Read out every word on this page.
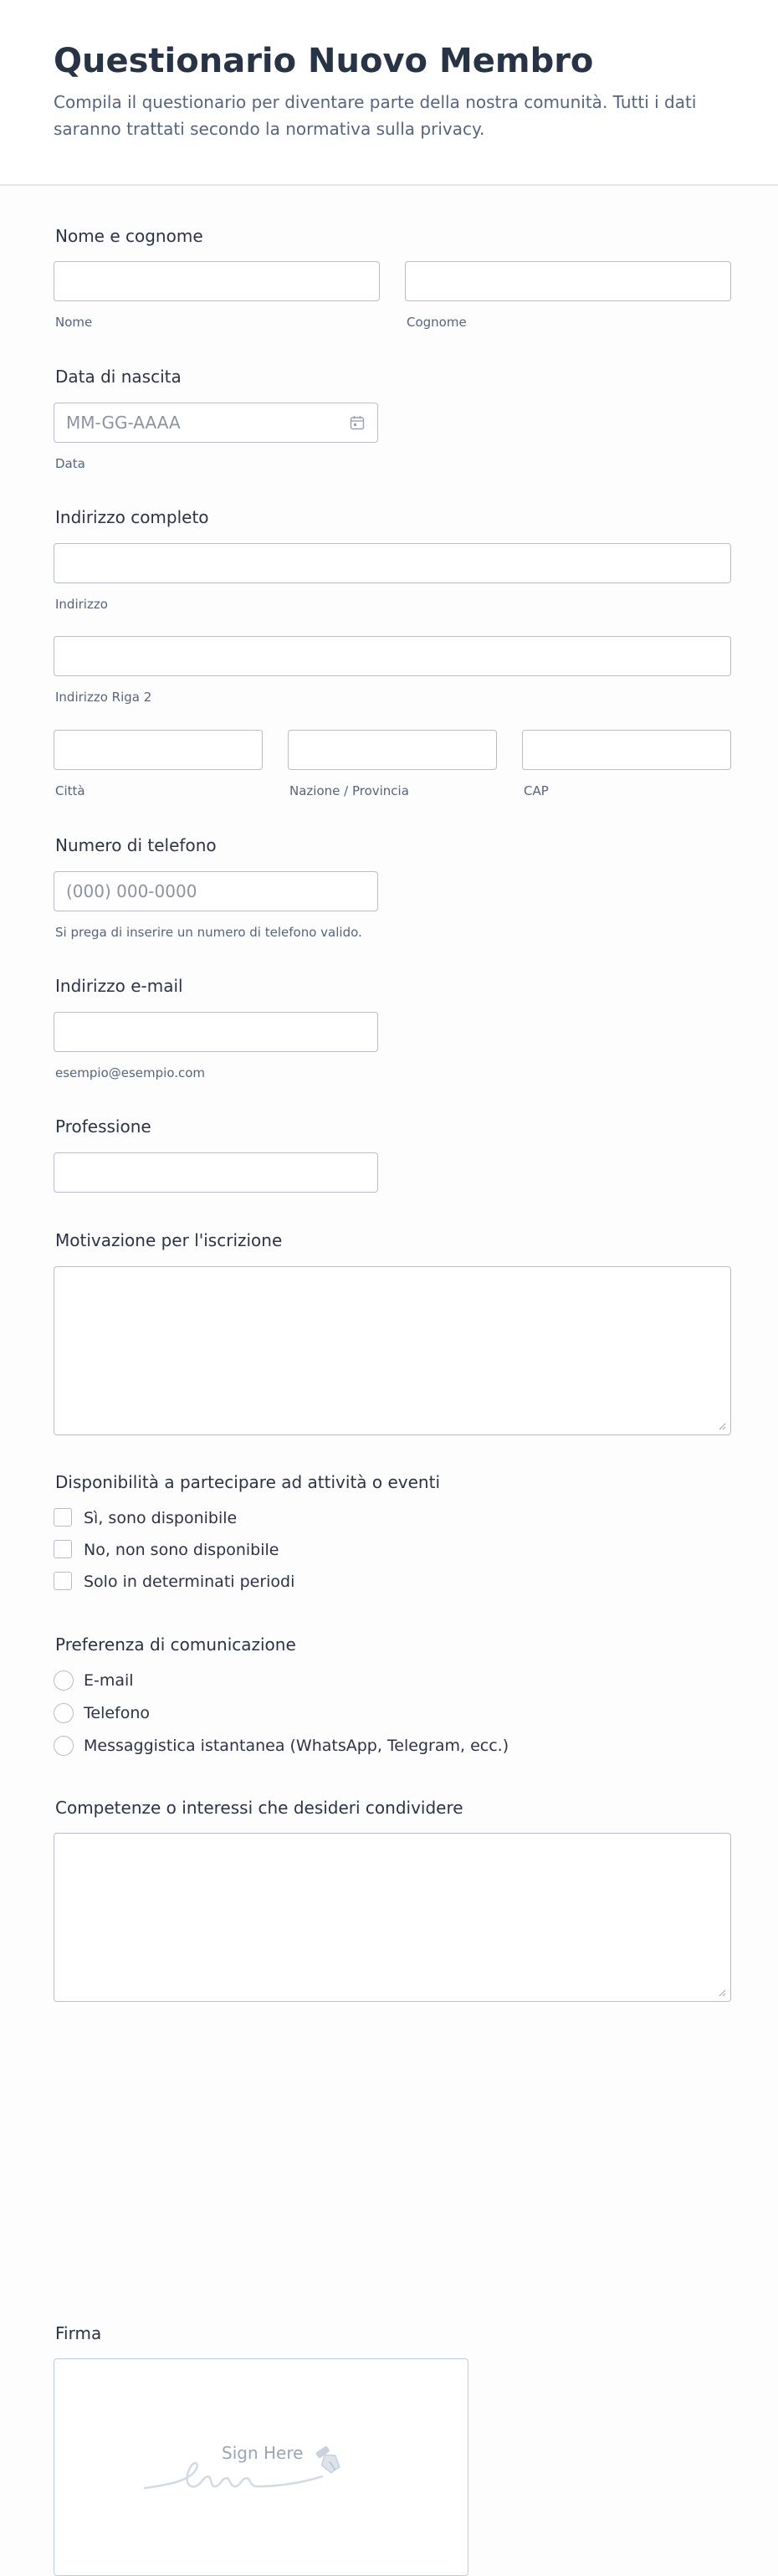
Questionario Nuovo Membro
Compila il questionario per diventare parte della nostra comunità. Tutti i dati saranno trattati secondo la normativa sulla privacy.
Nome e cognome
Nome	Cognome
Data di nascita
MM-GG-AAAA
Data
Indirizzo completo
Indirizzo
Indirizzo Riga 2
Città	Nazione / Provincia	CAP
Numero di telefono
(000) 000-0000
Si prega di inserire un numero di telefono valido.
Indirizzo e-mail
esempio@esempio.com
Professione
Motivazione per l'iscrizione
Disponibilità a partecipare ad attività o eventi
Sì, sono disponibile
No, non sono disponibile
Solo in determinati periodi
Preferenza di comunicazione
E-mail
Telefono
Messaggistica istantanea (WhatsApp, Telegram, ecc.)
Competenze o interessi che desideri condividere
Firma
Sign Here
